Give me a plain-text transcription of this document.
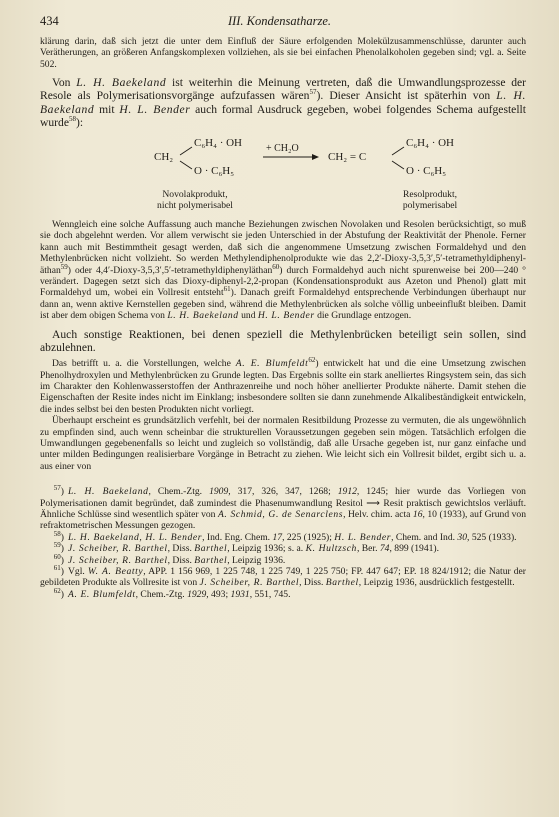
434	III. Kondensatharze.

klärung darin, daß sich jetzt die unter dem Einfluß der Säure erfolgenden Molekülzusammenschlüsse, darunter auch Verätherungen, an größeren Anfangskomplexen vollziehen, als sie bei einfachen Phenolalkoholen gegeben sind; vgl. a. Seite 502.

Von L. H. Baekeland ist weiterhin die Meinung vertreten, daß die Umwandlungsprozesse der Resole als Polymerisationsvorgänge aufzufassen wären$^{57}$). Dieser Ansicht ist späterhin von L. H. Baekeland mit H. L. Bender auch formal Ausdruck gegeben, wobei folgendes Schema aufgestellt wurde$^{58}$):

CH₂
C₆H₄ · OH
O · C₆H₅
+ CH₂O
CH₂ = C
C₆H₄ · OH
O · C₆H₅
Novolakprodukt,
nicht polymerisabel
Resolprodukt,
polymerisabel

Wenngleich eine solche Auffassung auch manche Beziehungen zwischen Novolaken und Resolen berücksichtigt, so muß sie doch abgelehnt werden. Vor allem verwischt sie jeden Unterschied in der Abstufung der Reaktivität der Phenole. Ferner kann auch mit Bestimmtheit gesagt werden, daß sich die angenommene Umsetzung zwischen Formaldehyd und den Methylenbrücken nicht vollzieht. So werden Methylendiphenolprodukte wie das 2,2′-Dioxy-3,5,3′,5′-tetramethyldiphenyl-äthan$^{59}$) oder 4,4′-Dioxy-3,5,3′,5′-tetramethyldiphenyläthan$^{60}$) durch Formaldehyd auch nicht spurenweise bei 200—240 ° verändert. Dagegen setzt sich das Dioxy-diphenyl-2,2-propan (Kondensationsprodukt aus Azeton und Phenol) glatt mit Formaldehyd um, wobei ein Vollresit entsteht$^{61}$). Danach greift Formaldehyd entsprechende Verbindungen überhaupt nur dann an, wenn aktive Kernstellen gegeben sind, während die Methylenbrücken als solche völlig unbeeinflußt bleiben. Damit ist aber dem obigen Schema von L. H. Baekeland und H. L. Bender die Grundlage entzogen.

Auch sonstige Reaktionen, bei denen speziell die Methylenbrücken beteiligt sein sollen, sind abzulehnen.

Das betrifft u. a. die Vorstellungen, welche A. E. Blumfeldt$^{62}$) entwickelt hat und die eine Umsetzung zwischen Phenolhydroxylen und Methylenbrücken zu Grunde legten. Das Ergebnis sollte ein stark anelliertes Ringsystem sein, das sich im Charakter den Kohlenwasserstoffen der Anthrazenreihe und noch höher anellierter Produkte näherte. Damit stehen die Eigenschaften der Resite indes nicht im Einklang; insbesondere sollten sie dann zunehmende Alkalibeständigkeit entwickeln, die indes selbst bei den besten Produkten nicht vorliegt.

Überhaupt erscheint es grundsätzlich verfehlt, bei der normalen Resitbildung Prozesse zu vermuten, die als ungewöhnlich zu empfinden sind, auch wenn scheinbar die strukturellen Voraussetzungen gegeben sein mögen. Tatsächlich erfolgen die Umwandlungen gegebenenfalls so leicht und zugleich so vollständig, daß alle Ursache gegeben ist, nur ganz einfache und unter milden Bedingungen realisierbare Vorgänge in Betracht zu ziehen. Wie leicht sich ein Vollresit bildet, ergibt sich u. a. aus einer von

$^{57}$) L. H. Baekeland, Chem.-Ztg. 1909, 317, 326, 347, 1268; 1912, 1245; hier wurde das Vorliegen von Polymerisationen damit begründet, daß zumindest die Phasenumwandlung Resitol ⟶ Resit praktisch gewichtslos verläuft. Ähnliche Schlüsse sind wesentlich später von A. Schmid, G. de Senarclens, Helv. chim. acta 16, 10 (1933), auf Grund von refraktometrischen Messungen gezogen.

$^{58}$) L. H. Baekeland, H. L. Bender, Ind. Eng. Chem. 17, 225 (1925); H. L. Bender, Chem. and Ind. 30, 525 (1933).

$^{59}$) J. Scheiber, R. Barthel, Diss. Barthel, Leipzig 1936; s. a. K. Hultzsch, Ber. 74, 899 (1941).

$^{60}$) J. Scheiber, R. Barthel, Diss. Barthel, Leipzig 1936.

$^{61}$) Vgl. W. A. Beatty, APP. 1 156 969, 1 225 748, 1 225 749, 1 225 750; FP. 447 647; EP. 18 824/1912; die Natur der gebildeten Produkte als Vollresite ist von J. Scheiber, R. Barthel, Diss. Barthel, Leipzig 1936, ausdrücklich festgestellt.

$^{62}$) A. E. Blumfeldt, Chem.-Ztg. 1929, 493; 1931, 551, 745.
